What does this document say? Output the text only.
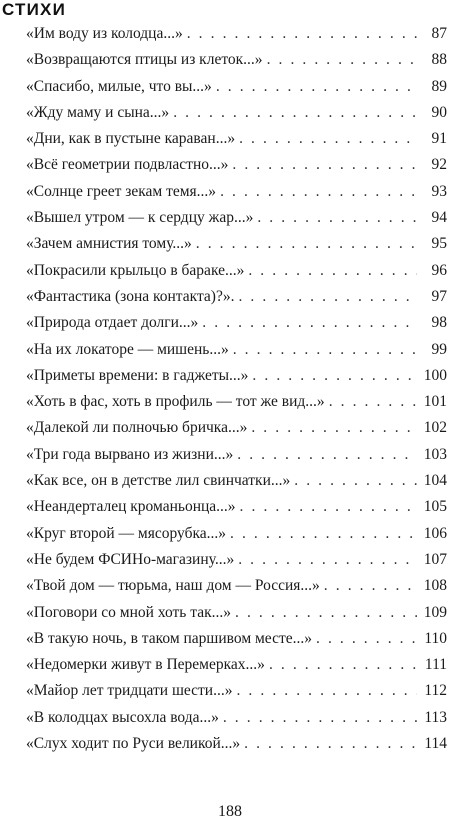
СТИХИ
«Им воду из колодца...» . . .	87
«Возвращаются птицы из клеток...» . . .	88
«Спасибо, милые, что вы...» . . .	89
«Жду маму и сына...» . . .	90
«Дни, как в пустыне караван...» . . .	91
«Всё геометрии подвластно...» . . .	92
«Солнце греет зекам темя...» . . .	93
«Вышел утром — к сердцу жар...» . . .	94
«Зачем амнистия тому...» . . .	95
«Покрасили крыльцо в бараке...» . . .	96
«Фантастика (зона контакта)?». . . .	97
«Природа отдает долги...» . . .	98
«На их локаторе — мишень...» . . .	99
«Приметы времени: в гаджеты...» . . .	100
«Хоть в фас, хоть в профиль — тот же вид...» . . .	101
«Далекой ли полночью бричка...» . . .	102
«Три года вырвано из жизни...» . . .	103
«Как все, он в детстве лил свинчатки...» . . .	104
«Неандерталец кроманьонца...» . . .	105
«Круг второй — мясорубка...» . . .	106
«Не будем ФСИНо-магазину...» . . .	107
«Твой дом — тюрьма, наш дом — Россия...» . . .	108
«Поговори со мной хоть так...» . . .	109
«В такую ночь, в таком паршивом месте...» . . .	110
«Недомерки живут в Перемерках...» . . .	111
«Майор лет тридцати шести...» . . .	112
«В колодцах высохла вода...» . . .	113
«Слух ходит по Руси великой...» . . .	114
188
